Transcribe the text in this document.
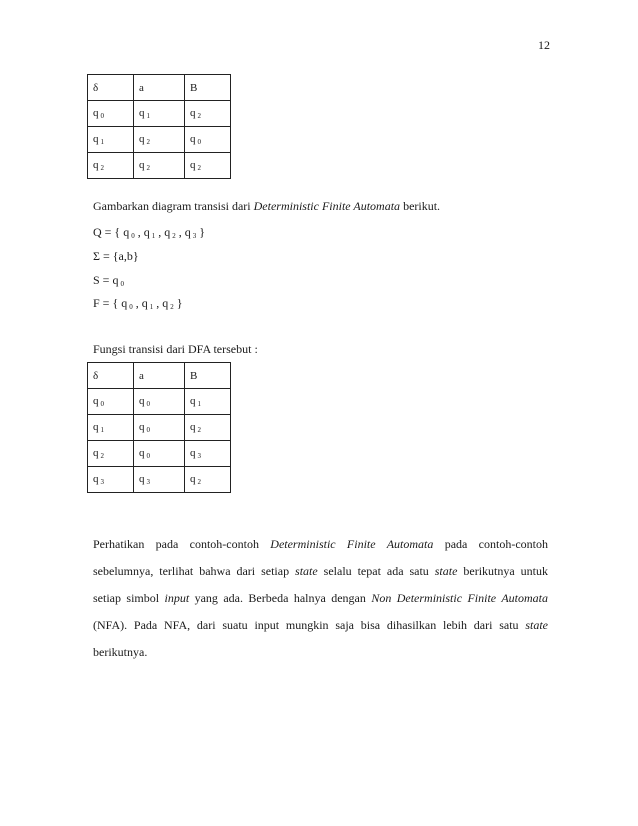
12
δ	a	B
q $_0$	q $_1$	q $_2$
q $_1$	q $_2$	q $_0$
q $_2$	q $_2$	q $_2$
Gambarkan diagram transisi dari Deterministic Finite Automata berikut.
Q = { q $_0$ , q $_1$ , q $_2$ , q $_3$ }
Σ = {a,b}
S = q $_0$
F = { q $_0$ , q $_1$ , q $_2$ }
Fungsi transisi dari DFA tersebut :
δ	a	B
q $_0$	q $_0$	q $_1$
q $_1$	q $_0$	q $_2$
q $_2$	q $_0$	q $_3$
q $_3$	q $_3$	q $_2$
Perhatikan pada contoh-contoh Deterministic Finite Automata pada contoh-contoh
sebelumnya, terlihat bahwa dari setiap state selalu tepat ada satu state berikutnya untuk
setiap simbol input yang ada. Berbeda halnya dengan Non Deterministic Finite Automata
(NFA). Pada NFA, dari suatu input mungkin saja bisa dihasilkan lebih dari satu state
berikutnya.
